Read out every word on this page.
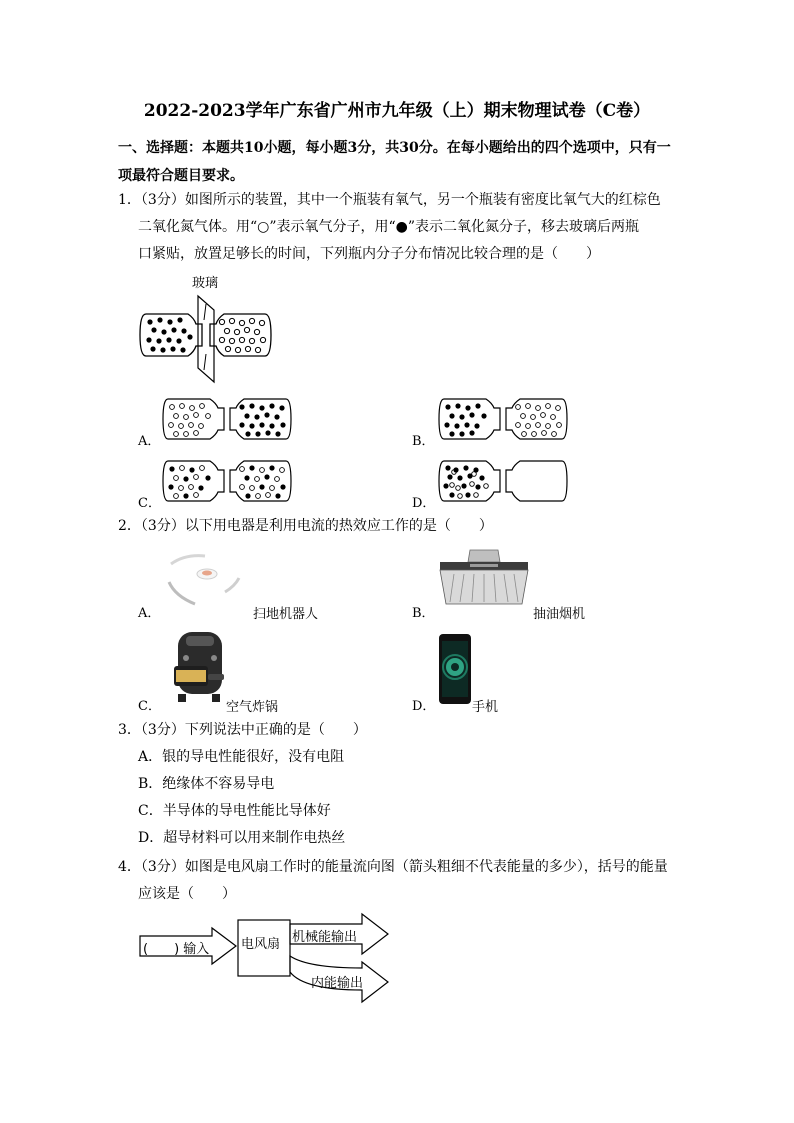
2022-2023学年广东省广州市九年级（上）期末物理试卷（C卷）
一、选择题：本题共10小题，每小题3分，共30分。在每小题给出的四个选项中，只有一项最符合题目要求。
1．（3分）如图所示的装置，其中一个瓶装有氧气，另一个瓶装有密度比氧气大的红棕色
二氧化氮气体。用“○”表示氧气分子，用“●”表示二氧化氮分子，移去玻璃后两瓶
口紧贴，放置足够长的时间，下列瓶内分子分布情况比较合理的是（　　）
玻璃
A．	B．
C．	D．
2．（3分）以下用电器是利用电流的热效应工作的是（　　）
A．	扫地机器人	B．	抽油烟机
C．	空气炸锅	D．	手机
3．（3分）下列说法中正确的是（　　）
A．银的导电性能很好，没有电阻
B．绝缘体不容易导电
C．半导体的导电性能比导体好
D．超导材料可以用来制作电热丝
4．（3分）如图是电风扇工作时的能量流向图（箭头粗细不代表能量的多少），括号的能量
应该是（　　）
(　　) 输入 电风扇 机械能输出
内能输出
